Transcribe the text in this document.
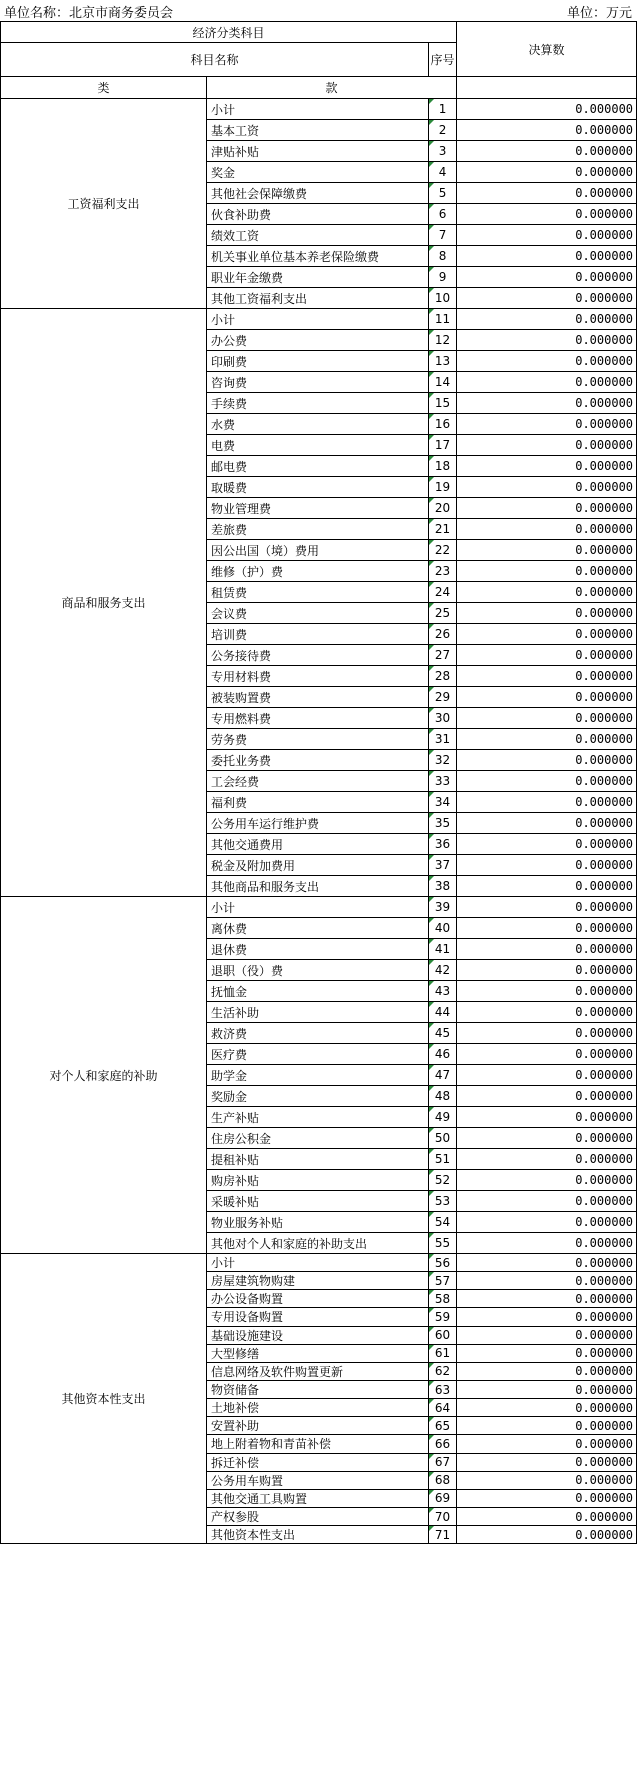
单位名称：北京市商务委员会	单位：万元
经济分类科目			决算数
科目名称		序号	
类	款		
工资福利支出	小计	1	0.000000
	基本工资	2	0.000000
	津贴补贴	3	0.000000
	奖金	4	0.000000
	其他社会保障缴费	5	0.000000
	伙食补助费	6	0.000000
	绩效工资	7	0.000000
	机关事业单位基本养老保险缴费	8	0.000000
	职业年金缴费	9	0.000000
	其他工资福利支出	10	0.000000
商品和服务支出	小计	11	0.000000
	办公费	12	0.000000
	印刷费	13	0.000000
	咨询费	14	0.000000
	手续费	15	0.000000
	水费	16	0.000000
	电费	17	0.000000
	邮电费	18	0.000000
	取暖费	19	0.000000
	物业管理费	20	0.000000
	差旅费	21	0.000000
	因公出国（境）费用	22	0.000000
	维修（护）费	23	0.000000
	租赁费	24	0.000000
	会议费	25	0.000000
	培训费	26	0.000000
	公务接待费	27	0.000000
	专用材料费	28	0.000000
	被装购置费	29	0.000000
	专用燃料费	30	0.000000
	劳务费	31	0.000000
	委托业务费	32	0.000000
	工会经费	33	0.000000
	福利费	34	0.000000
	公务用车运行维护费	35	0.000000
	其他交通费用	36	0.000000
	税金及附加费用	37	0.000000
	其他商品和服务支出	38	0.000000
对个人和家庭的补助	小计	39	0.000000
	离休费	40	0.000000
	退休费	41	0.000000
	退职（役）费	42	0.000000
	抚恤金	43	0.000000
	生活补助	44	0.000000
	救济费	45	0.000000
	医疗费	46	0.000000
	助学金	47	0.000000
	奖励金	48	0.000000
	生产补贴	49	0.000000
	住房公积金	50	0.000000
	提租补贴	51	0.000000
	购房补贴	52	0.000000
	采暖补贴	53	0.000000
	物业服务补贴	54	0.000000
	其他对个人和家庭的补助支出	55	0.000000
其他资本性支出	小计	56	0.000000
	房屋建筑物购建	57	0.000000
	办公设备购置	58	0.000000
	专用设备购置	59	0.000000
	基础设施建设	60	0.000000
	大型修缮	61	0.000000
	信息网络及软件购置更新	62	0.000000
	物资储备	63	0.000000
	土地补偿	64	0.000000
	安置补助	65	0.000000
	地上附着物和青苗补偿	66	0.000000
	拆迁补偿	67	0.000000
	公务用车购置	68	0.000000
	其他交通工具购置	69	0.000000
	产权参股	70	0.000000
	其他资本性支出	71	0.000000
